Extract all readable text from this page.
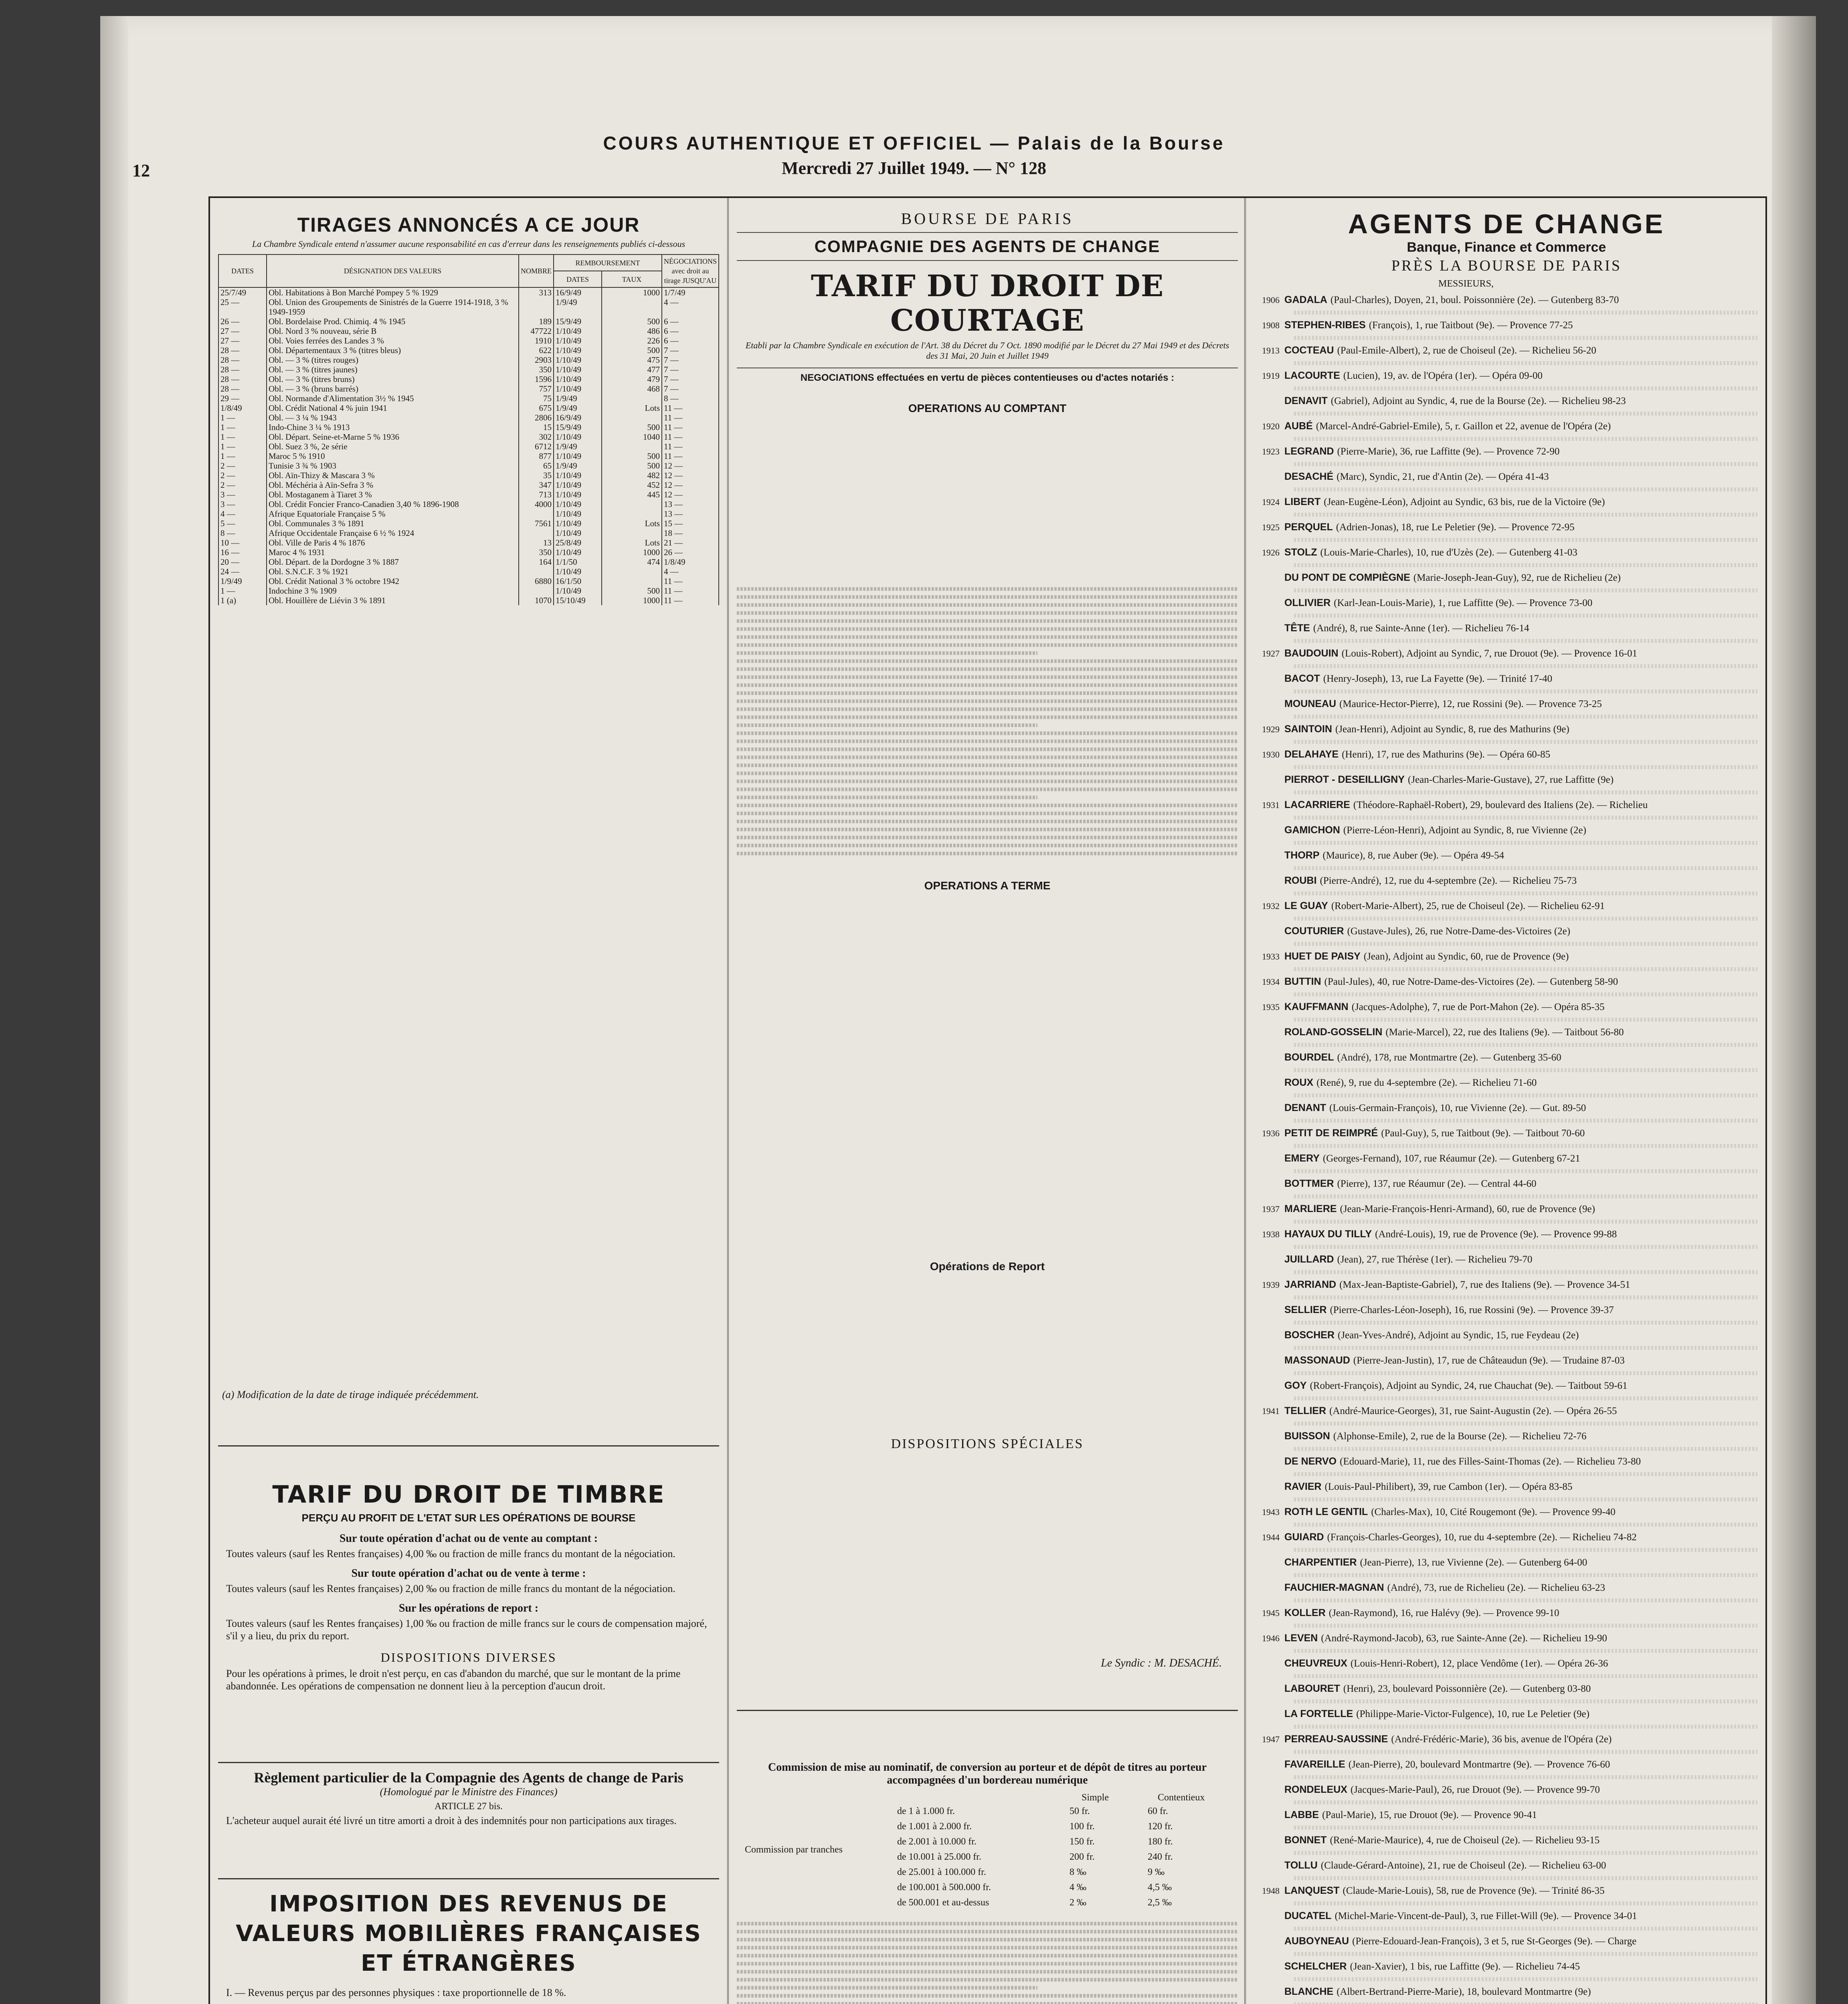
COURS AUTHENTIQUE ET OFFICIEL — Palais de la Bourse
12	Mercredi 27 Juillet 1949. — N° 128
TIRAGES ANNONCÉS A CE JOUR
La Chambre Syndicale entend n'assumer aucune responsabilité en cas d'erreur dans les renseignements publiés ci-dessous
DATES	DÉSIGNATION DES VALEURS	NOMBRE	REMBOURSEMENT		NÉGOCIATIONS avec droit au tirage JUSQU'AU
			DATES	TAUX	
25/7/49	Obl. Habitations à Bon Marché Pompey 5 % 1929	313	16/9/49	1000	1/7/49
25 —	Obl. Union des Groupements de Sinistrés de la Guerre 1914-1918, 3 % 1949-1959		1/9/49		4 —
26 —	Obl. Bordelaise Prod. Chimiq. 4 % 1945	189	15/9/49	500	6 —
27 —	Obl. Nord 3 % nouveau, série B	47722	1/10/49	486	6 —
27 —	Obl. Voies ferrées des Landes 3 %	1910	1/10/49	226	6 —
28 —	Obl. Départementaux 3 % (titres bleus)	622	1/10/49	500	7 —
28 —	Obl. — 3 % (titres rouges)	2903	1/10/49	475	7 —
28 —	Obl. — 3 % (titres jaunes)	350	1/10/49	477	7 —
28 —	Obl. — 3 % (titres bruns)	1596	1/10/49	479	7 —
28 —	Obl. — 3 % (bruns barrés)	757	1/10/49	468	7 —
29 —	Obl. Normande d'Alimentation 3½ % 1945	75	1/9/49		8 —
1/8/49	Obl. Crédit National 4 % juin 1941	675	1/9/49	Lots	11 —
1 —	Obl. — 3 ¼ % 1943	2806	16/9/49		11 —
1 —	Indo-Chine 3 ¼ % 1913	15	15/9/49	500	11 —
1 —	Obl. Départ. Seine-et-Marne 5 % 1936	302	1/10/49	1040	11 —
1 —	Obl. Suez 3 %, 2e série	6712	1/9/49		11 —
1 —	Maroc 5 % 1910	877	1/10/49	500	11 —
2 —	Tunisie 3 ¾ % 1903	65	1/9/49	500	12 —
2 —	Obl. Aïn-Thizy & Mascara 3 %	35	1/10/49	482	12 —
2 —	Obl. Méchéria à Aïn-Sefra 3 %	347	1/10/49	452	12 —
3 —	Obl. Mostaganem à Tiaret 3 %	713	1/10/49	445	12 —
3 —	Obl. Crédit Foncier Franco-Canadien 3,40 % 1896-1908	4000	1/10/49		13 —
4 —	Afrique Equatoriale Française 5 %		1/10/49		13 —
5 —	Obl. Communales 3 % 1891	7561	1/10/49	Lots	15 —
8 —	Afrique Occidentale Française 6 ½ % 1924		1/10/49		18 —
10 —	Obl. Ville de Paris 4 % 1876	13	25/8/49	Lots	21 —
16 —	Maroc 4 % 1931	350	1/10/49	1000	26 —
20 —	Obl. Départ. de la Dordogne 3 % 1887	164	1/1/50	474	1/8/49
24 —	Obl. S.N.C.F. 3 % 1921		1/10/49		4 —
1/9/49	Obl. Crédit National 3 % octobre 1942	6880	16/1/50		11 —
1 —	Indochine 3 % 1909		1/10/49	500	11 —
1 (a)	Obl. Houillère de Liévin 3 % 1891	1070	15/10/49	1000	11 —
(a) Modification de la date de tirage indiquée précédemment.
TARIF DU DROIT DE TIMBRE
PERÇU AU PROFIT DE L'ETAT SUR LES OPÉRATIONS DE BOURSE
Sur toute opération d'achat ou de vente au comptant :
Toutes valeurs (sauf les Rentes françaises) 4,00 ‰ ou fraction de mille francs du montant de la négociation.
Sur toute opération d'achat ou de vente à terme :
Toutes valeurs (sauf les Rentes françaises) 2,00 ‰ ou fraction de mille francs du montant de la négociation.
Sur les opérations de report :
Toutes valeurs (sauf les Rentes françaises) 1,00 ‰ ou fraction de mille francs sur le cours de compensation majoré, s'il y a lieu, du prix du report.
DISPOSITIONS DIVERSES
Pour les opérations à primes, le droit n'est perçu, en cas d'abandon du marché, que sur le montant de la prime abandonnée. Les opérations de compensation ne donnent lieu à la perception d'aucun droit.
Règlement particulier de la Compagnie des Agents de change de Paris
(Homologué par le Ministre des Finances)
ARTICLE 27 bis.
L'acheteur auquel aurait été livré un titre amorti a droit à des indemnités pour non participations aux tirages.
IMPOSITION DES REVENUS DE VALEURS MOBILIÈRES FRANÇAISES ET ÉTRANGÈRES
I. — Revenus perçus par des personnes physiques : taxe proportionnelle de 18 %.
BOURSE DE PARIS
COMPAGNIE DES AGENTS DE CHANGE
TARIF DU DROIT DE COURTAGE
Etabli par la Chambre Syndicale en exécution de l'Art. 38 du Décret du 7 Oct. 1890 modifié par le Décret du 27 Mai 1949 et des Décrets des 31 Mai, 20 Juin et Juillet 1949
NEGOCIATIONS effectuées en vertu de pièces contentieuses ou d'actes notariés :
OPERATIONS AU COMPTANT
OPERATIONS A TERME
Opérations de Report
DISPOSITIONS SPÉCIALES
Le Syndic : M. DESACHÉ.
Commission de mise au nominatif, de conversion au porteur et de dépôt de titres au porteur accompagnées d'un bordereau numérique
Commission par tranches
Simple	Contentieux
de 1 à 1.000 fr.	50 fr.	60 fr.
de 1.001 à 2.000 fr.	100 fr.	120 fr.
de 2.001 à 10.000 fr.	150 fr.	180 fr.
de 10.001 à 25.000 fr.	200 fr.	240 fr.
de 25.001 à 100.000 fr.	8 ‰	9 ‰
de 100.001 à 500.000 fr.	4 ‰	4,5 ‰
de 500.001 et au-dessus	2 ‰	2,5 ‰
AGENTS DE CHANGE
Banque, Finance et Commerce
PRÈS LA BOURSE DE PARIS
MESSIEURS,
1906 GADALA (Paul-Charles), Doyen, 21, boul. Poissonnière (2e). — Gutenberg 83-70
1908 STEPHEN-RIBES (François), 1, rue Taitbout (9e). — Provence 77-25
1913 COCTEAU (Paul-Emile-Albert), 2, rue de Choiseul (2e). — Richelieu 56-20
1919 LACOURTE (Lucien), 19, av. de l'Opéra (1er). — Opéra 09-00
DENAVIT (Gabriel), Adjoint au Syndic, 4, rue de la Bourse (2e). — Richelieu 98-23
1920 AUBÉ (Marcel-André-Gabriel-Emile), 5, r. Gaillon et 22, avenue de l'Opéra (2e)
1923 LEGRAND (Pierre-Marie), 36, rue Laffitte (9e). — Provence 72-90
DESACHÉ (Marc), Syndic, 21, rue d'Antin (2e). — Opéra 41-43
1924 LIBERT (Jean-Eugène-Léon), Adjoint au Syndic, 63 bis, rue de la Victoire (9e)
1925 PERQUEL (Adrien-Jonas), 18, rue Le Peletier (9e). — Provence 72-95
1926 STOLZ (Louis-Marie-Charles), 10, rue d'Uzès (2e). — Gutenberg 41-03
DU PONT DE COMPIÈGNE (Marie-Joseph-Jean-Guy), 92, rue de Richelieu (2e)
OLLIVIER (Karl-Jean-Louis-Marie), 1, rue Laffitte (9e). — Provence 73-00
TÊTE (André), 8, rue Sainte-Anne (1er). — Richelieu 76-14
1927 BAUDOUIN (Louis-Robert), Adjoint au Syndic, 7, rue Drouot (9e). — Provence 16-01
BACOT (Henry-Joseph), 13, rue La Fayette (9e). — Trinité 17-40
MOUNEAU (Maurice-Hector-Pierre), 12, rue Rossini (9e). — Provence 73-25
1929 SAINTOIN (Jean-Henri), Adjoint au Syndic, 8, rue des Mathurins (9e)
1930 DELAHAYE (Henri), 17, rue des Mathurins (9e). — Opéra 60-85
PIERROT - DESEILLIGNY (Jean-Charles-Marie-Gustave), 27, rue Laffitte (9e)
1931 LACARRIERE (Théodore-Raphaël-Robert), 29, boulevard des Italiens (2e). — Richelieu
GAMICHON (Pierre-Léon-Henri), Adjoint au Syndic, 8, rue Vivienne (2e)
THORP (Maurice), 8, rue Auber (9e). — Opéra 49-54
ROUBI (Pierre-André), 12, rue du 4-septembre (2e). — Richelieu 75-73
1932 LE GUAY (Robert-Marie-Albert), 25, rue de Choiseul (2e). — Richelieu 62-91
COUTURIER (Gustave-Jules), 26, rue Notre-Dame-des-Victoires (2e)
1933 HUET DE PAISY (Jean), Adjoint au Syndic, 60, rue de Provence (9e)
1934 BUTTIN (Paul-Jules), 40, rue Notre-Dame-des-Victoires (2e). — Gutenberg 58-90
1935 KAUFFMANN (Jacques-Adolphe), 7, rue de Port-Mahon (2e). — Opéra 85-35
ROLAND-GOSSELIN (Marie-Marcel), 22, rue des Italiens (9e). — Taitbout 56-80
BOURDEL (André), 178, rue Montmartre (2e). — Gutenberg 35-60
ROUX (René), 9, rue du 4-septembre (2e). — Richelieu 71-60
DENANT (Louis-Germain-François), 10, rue Vivienne (2e). — Gut. 89-50
1936 PETIT DE REIMPRÉ (Paul-Guy), 5, rue Taitbout (9e). — Taitbout 70-60
EMERY (Georges-Fernand), 107, rue Réaumur (2e). — Gutenberg 67-21
BOTTMER (Pierre), 137, rue Réaumur (2e). — Central 44-60
1937 MARLIERE (Jean-Marie-François-Henri-Armand), 60, rue de Provence (9e)
1938 HAYAUX DU TILLY (André-Louis), 19, rue de Provence (9e). — Provence 99-88
JUILLARD (Jean), 27, rue Thérèse (1er). — Richelieu 79-70
1939 JARRIAND (Max-Jean-Baptiste-Gabriel), 7, rue des Italiens (9e). — Provence 34-51
SELLIER (Pierre-Charles-Léon-Joseph), 16, rue Rossini (9e). — Provence 39-37
BOSCHER (Jean-Yves-André), Adjoint au Syndic, 15, rue Feydeau (2e)
MASSONAUD (Pierre-Jean-Justin), 17, rue de Châteaudun (9e). — Trudaine 87-03
GOY (Robert-François), Adjoint au Syndic, 24, rue Chauchat (9e). — Taitbout 59-61
1941 TELLIER (André-Maurice-Georges), 31, rue Saint-Augustin (2e). — Opéra 26-55
BUISSON (Alphonse-Emile), 2, rue de la Bourse (2e). — Richelieu 72-76
DE NERVO (Edouard-Marie), 11, rue des Filles-Saint-Thomas (2e). — Richelieu 73-80
RAVIER (Louis-Paul-Philibert), 39, rue Cambon (1er). — Opéra 83-85
1943 ROTH LE GENTIL (Charles-Max), 10, Cité Rougemont (9e). — Provence 99-40
1944 GUIARD (François-Charles-Georges), 10, rue du 4-septembre (2e). — Richelieu 74-82
CHARPENTIER (Jean-Pierre), 13, rue Vivienne (2e). — Gutenberg 64-00
FAUCHIER-MAGNAN (André), 73, rue de Richelieu (2e). — Richelieu 63-23
1945 KOLLER (Jean-Raymond), 16, rue Halévy (9e). — Provence 99-10
1946 LEVEN (André-Raymond-Jacob), 63, rue Sainte-Anne (2e). — Richelieu 19-90
CHEUVREUX (Louis-Henri-Robert), 12, place Vendôme (1er). — Opéra 26-36
LABOURET (Henri), 23, boulevard Poissonnière (2e). — Gutenberg 03-80
LA FORTELLE (Philippe-Marie-Victor-Fulgence), 10, rue Le Peletier (9e)
1947 PERREAU-SAUSSINE (André-Frédéric-Marie), 36 bis, avenue de l'Opéra (2e)
FAVAREILLE (Jean-Pierre), 20, boulevard Montmartre (9e). — Provence 76-60
RONDELEUX (Jacques-Marie-Paul), 26, rue Drouot (9e). — Provence 99-70
LABBE (Paul-Marie), 15, rue Drouot (9e). — Provence 90-41
BONNET (René-Marie-Maurice), 4, rue de Choiseul (2e). — Richelieu 93-15
TOLLU (Claude-Gérard-Antoine), 21, rue de Choiseul (2e). — Richelieu 63-00
1948 LANQUEST (Claude-Marie-Louis), 58, rue de Provence (9e). — Trinité 86-35
DUCATEL (Michel-Marie-Vincent-de-Paul), 3, rue Fillet-Will (9e). — Provence 34-01
AUBOYNEAU (Pierre-Edouard-Jean-François), 3 et 5, rue St-Georges (9e). — Charge
SCHELCHER (Jean-Xavier), 1 bis, rue Laffitte (9e). — Richelieu 74-45
BLANCHE (Albert-Bertrand-Pierre-Marie), 18, boulevard Montmartre (9e)
